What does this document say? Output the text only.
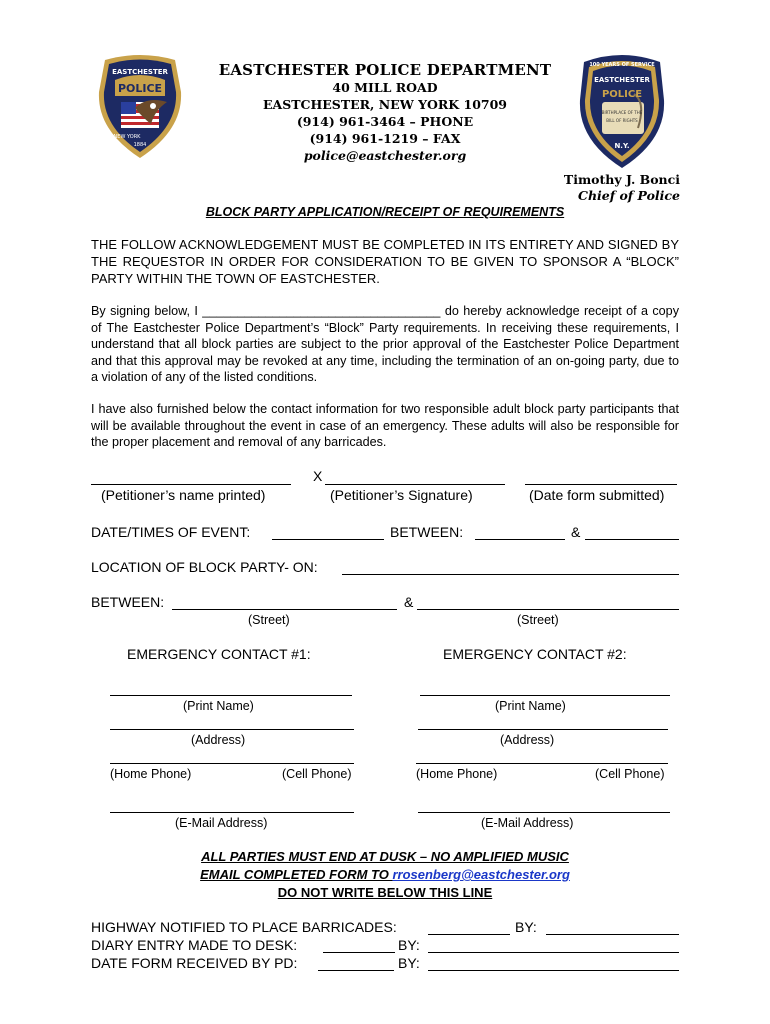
EASTCHESTER
POLICE
NEW YORK
1884
100 YEARS OF SERVICE
EASTCHESTER
POLICE
BIRTHPLACE OF THE
BILL OF RIGHTS
N.Y.
EASTCHESTER POLICE DEPARTMENT
40 MILL ROAD
EASTCHESTER, NEW YORK 10709
(914) 961-3464 – PHONE
(914) 961-1219 – FAX
police@eastchester.org
Timothy J. Bonci
Chief of Police
BLOCK PARTY APPLICATION/RECEIPT OF REQUIREMENTS
THE FOLLOW ACKNOWLEDGEMENT MUST BE COMPLETED IN ITS ENTIRETY AND SIGNED BY THE REQUESTOR IN ORDER FOR CONSIDERATION TO BE GIVEN TO SPONSOR A “BLOCK” PARTY WITHIN THE TOWN OF EASTCHESTER.
By signing below, I __________________________________ do hereby acknowledge receipt of a copy of The Eastchester Police Department’s “Block” Party requirements. In receiving these requirements, I understand that all block parties are subject to the prior approval of the Eastchester Police Department and that this approval may be revoked at any time, including the termination of an on-going party, due to a violation of any of the listed conditions.
I have also furnished below the contact information for two responsible adult block party participants that will be available throughout the event in case of an emergency. These adults will also be responsible for the proper placement and removal of any barricades.
X
(Petitioner’s name printed)	(Petitioner’s Signature)	(Date form submitted)
DATE/TIMES OF EVENT:	BETWEEN:	&
LOCATION OF BLOCK PARTY- ON:
BETWEEN:	&
(Street)	(Street)
EMERGENCY CONTACT #1:	EMERGENCY CONTACT #2:
(Print Name)
(Address)
(Home Phone)	(Cell Phone)
(E-Mail Address)
(Print Name)
(Address)
(Home Phone)	(Cell Phone)
(E-Mail Address)
ALL PARTIES MUST END AT DUSK – NO AMPLIFIED MUSIC
EMAIL COMPLETED FORM TO rrosenberg@eastchester.org
DO NOT WRITE BELOW THIS LINE
HIGHWAY NOTIFIED TO PLACE BARRICADES:	BY:
DIARY ENTRY MADE TO DESK:	BY:
DATE FORM RECEIVED BY PD:	BY:
